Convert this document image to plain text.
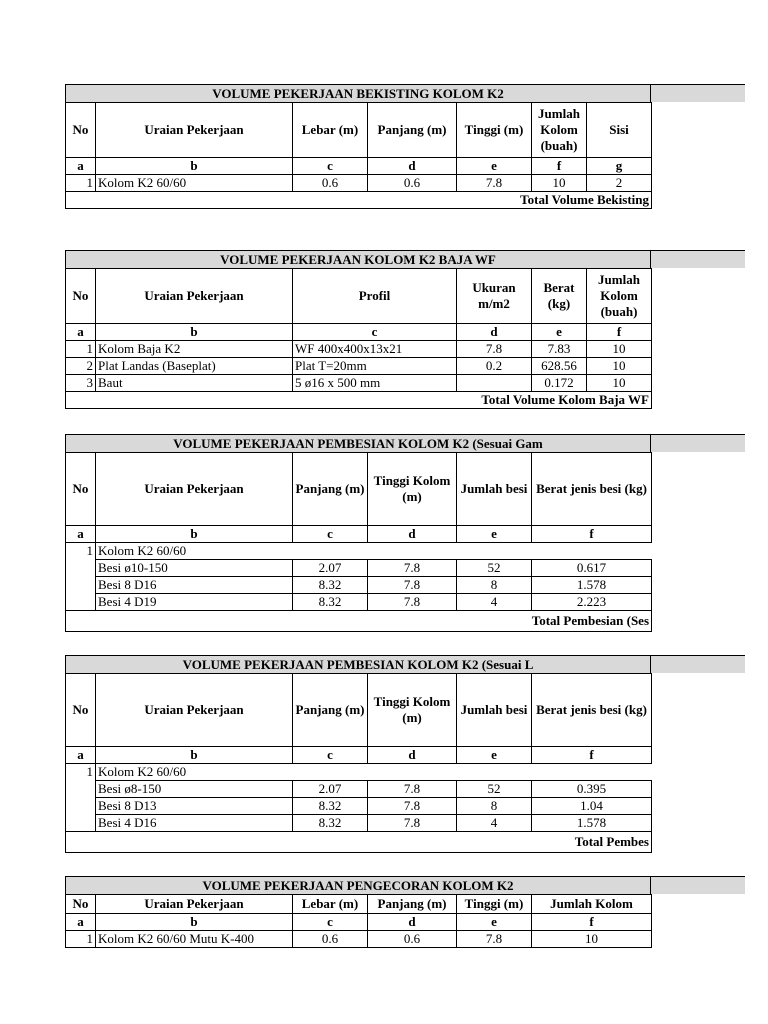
VOLUME PEKERJAAN BEKISTING KOLOM K2
No	Uraian Pekerjaan	Lebar (m)	Panjang (m)	Tinggi (m)	Jumlah Kolom (buah)	Sisi
a	b	c	d	e	f	g
1	Kolom K2 60/60	0.6	0.6	7.8	10	2
Total Volume Bekisting						
VOLUME PEKERJAAN KOLOM K2 BAJA WF
No	Uraian Pekerjaan	Profil	Ukuran m/m2	Berat (kg)	Jumlah Kolom (buah)
a	b	c	d	e	f
1	Kolom Baja K2	WF 400x400x13x21	7.8	7.83	10
2	Plat Landas (Baseplat)	Plat T=20mm	0.2	628.56	10
3	Baut	5 ø16 x 500 mm		0.172	10
Total Volume Kolom Baja WF					
VOLUME PEKERJAAN PEMBESIAN KOLOM K2 (Sesuai Gam
No	Uraian Pekerjaan	Panjang (m)	Tinggi Kolom (m)	Jumlah besi	Berat jenis besi (kg)
a	b	c	d	e	f
1	Kolom K2 60/60				
	Besi ø10-150	2.07	7.8	52	0.617
	Besi 8 D16	8.32	7.8	8	1.578
	Besi 4 D19	8.32	7.8	4	2.223
Total Pembesian (Ses					
VOLUME PEKERJAAN PEMBESIAN KOLOM K2 (Sesuai L
No	Uraian Pekerjaan	Panjang (m)	Tinggi Kolom (m)	Jumlah besi	Berat jenis besi (kg)
a	b	c	d	e	f
1	Kolom K2 60/60				
	Besi ø8-150	2.07	7.8	52	0.395
	Besi 8 D13	8.32	7.8	8	1.04
	Besi 4 D16	8.32	7.8	4	1.578
Total Pembes					
VOLUME PEKERJAAN PENGECORAN KOLOM K2
No	Uraian Pekerjaan	Lebar (m)	Panjang (m)	Tinggi (m)	Jumlah Kolom
a	b	c	d	e	f
1	Kolom K2 60/60 Mutu K-400	0.6	0.6	7.8	10
